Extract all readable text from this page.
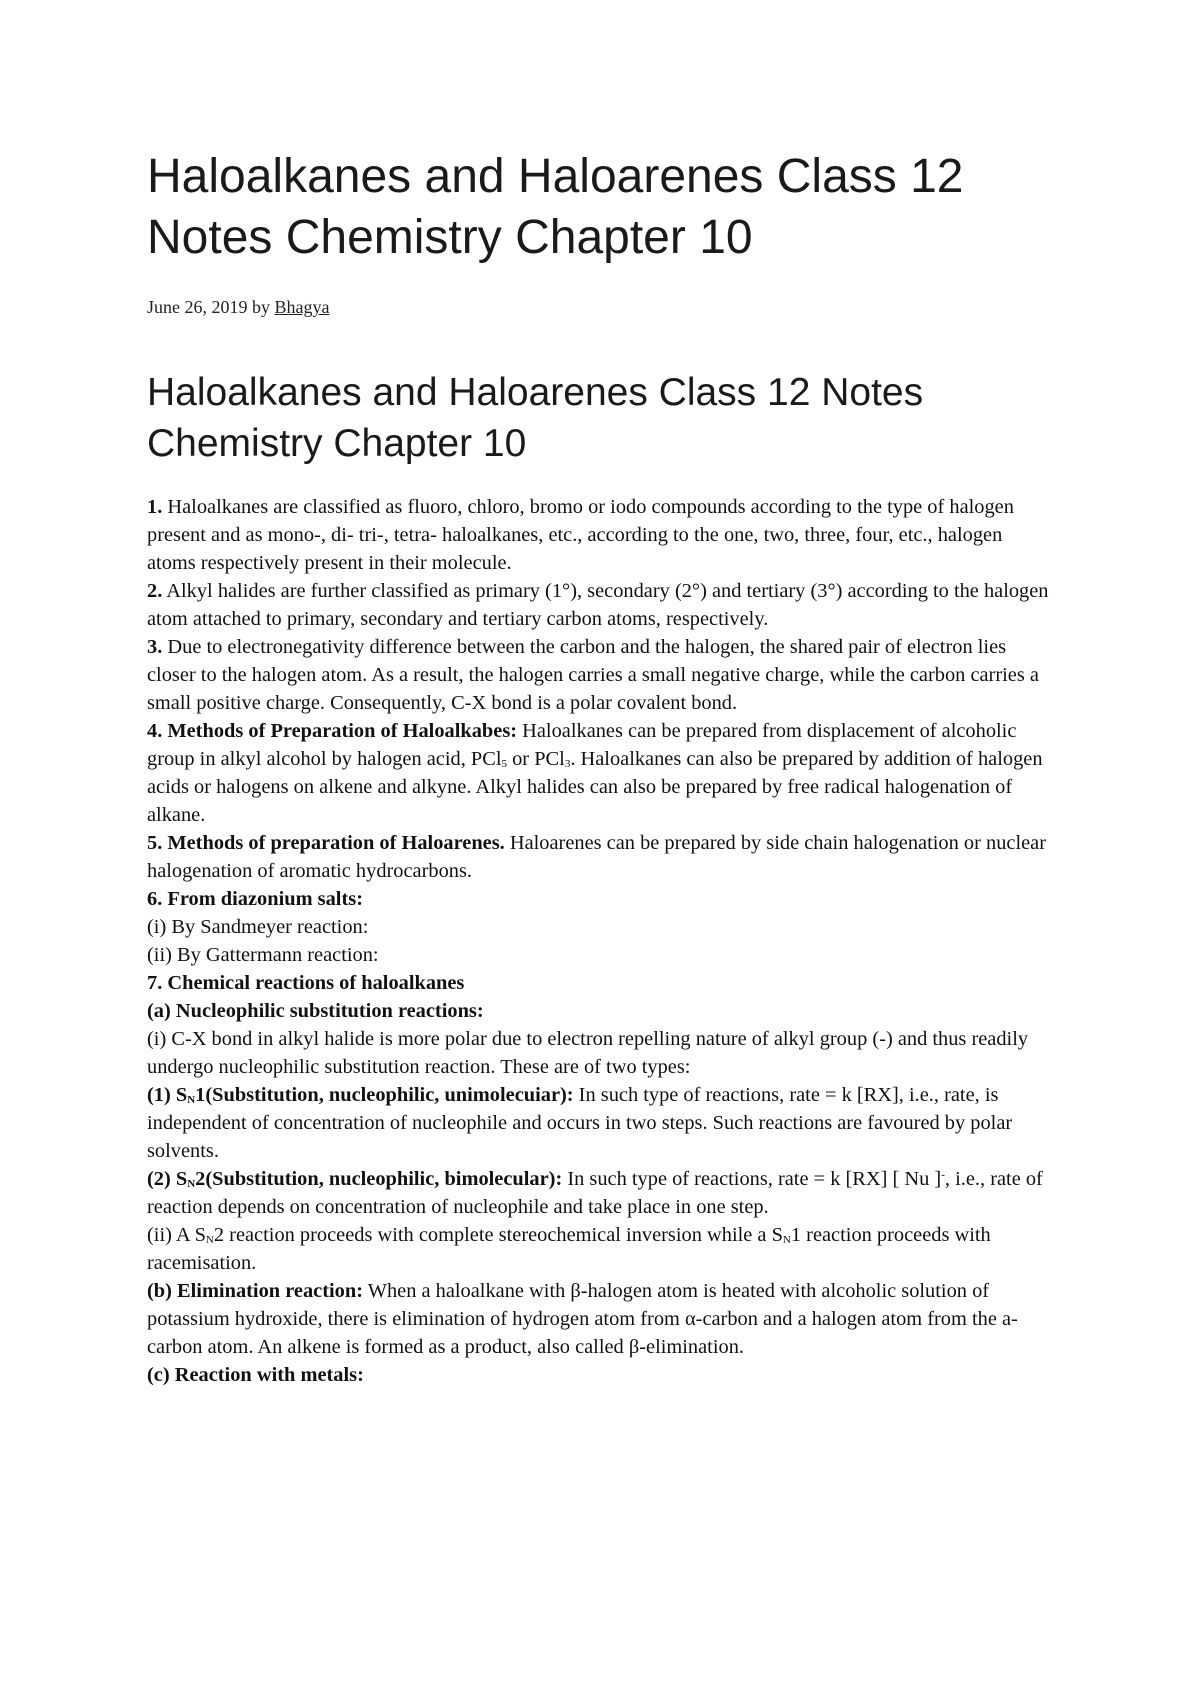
Haloalkanes and Haloarenes Class 12 Notes Chemistry Chapter 10
June 26, 2019 by Bhagya
Haloalkanes and Haloarenes Class 12 Notes Chemistry Chapter 10

1. Haloalkanes are classified as fluoro, chloro, bromo or iodo compounds according to the type of halogen present and as mono-, di- tri-, tetra- haloalkanes, etc., according to the one, two, three, four, etc., halogen atoms respectively present in their molecule.

2. Alkyl halides are further classified as primary (1°), secondary (2°) and tertiary (3°) according to the halogen atom attached to primary, secondary and tertiary carbon atoms, respectively.

3. Due to electronegativity difference between the carbon and the halogen, the shared pair of electron lies closer to the halogen atom. As a result, the halogen carries a small negative charge, while the carbon carries a small positive charge. Consequently, C-X bond is a polar covalent bond.

4. Methods of Preparation of Haloalkabes: Haloalkanes can be prepared from displacement of alcoholic group in alkyl alcohol by halogen acid, PCl$_5$ or PCl$_3$. Haloalkanes can also be prepared by addition of halogen acids or halogens on alkene and alkyne. Alkyl halides can also be prepared by free radical halogenation of alkane.

5. Methods of preparation of Haloarenes. Haloarenes can be prepared by side chain halogenation or nuclear halogenation of aromatic hydrocarbons.

6. From diazonium salts:

(i) By Sandmeyer reaction:

(ii) By Gattermann reaction:

7. Chemical reactions of haloalkanes

(a) Nucleophilic substitution reactions:

(i) C-X bond in alkyl halide is more polar due to electron repelling nature of alkyl group (-) and thus readily undergo nucleophilic substitution reaction. These are of two types:

(1) $S_N1(Substitution$, nucleophilic, unimolecuiar): In such type of reactions, rate = k [RX], i.e., rate, is independent of concentration of nucleophile and occurs in two steps. Such reactions are favoured by polar solvents.

(2) $S_N2(Substitution$, nucleophilic, bimolecular): In such type of reactions, rate = k [RX] [ Nu ]-, i.e., rate of reaction depends on concentration of nucleophile and take place in one step.

(ii) A $S_N2$ reaction proceeds with complete stereochemical inversion while a $S_N1$ reaction proceeds with racemisation.

(b) Elimination reaction: When a haloalkane with β-halogen atom is heated with alcoholic solution of potassium hydroxide, there is elimination of hydrogen atom from α-carbon and a halogen atom from the a-carbon atom. An alkene is formed as a product, also called β-elimination.

(c) Reaction with metals:
